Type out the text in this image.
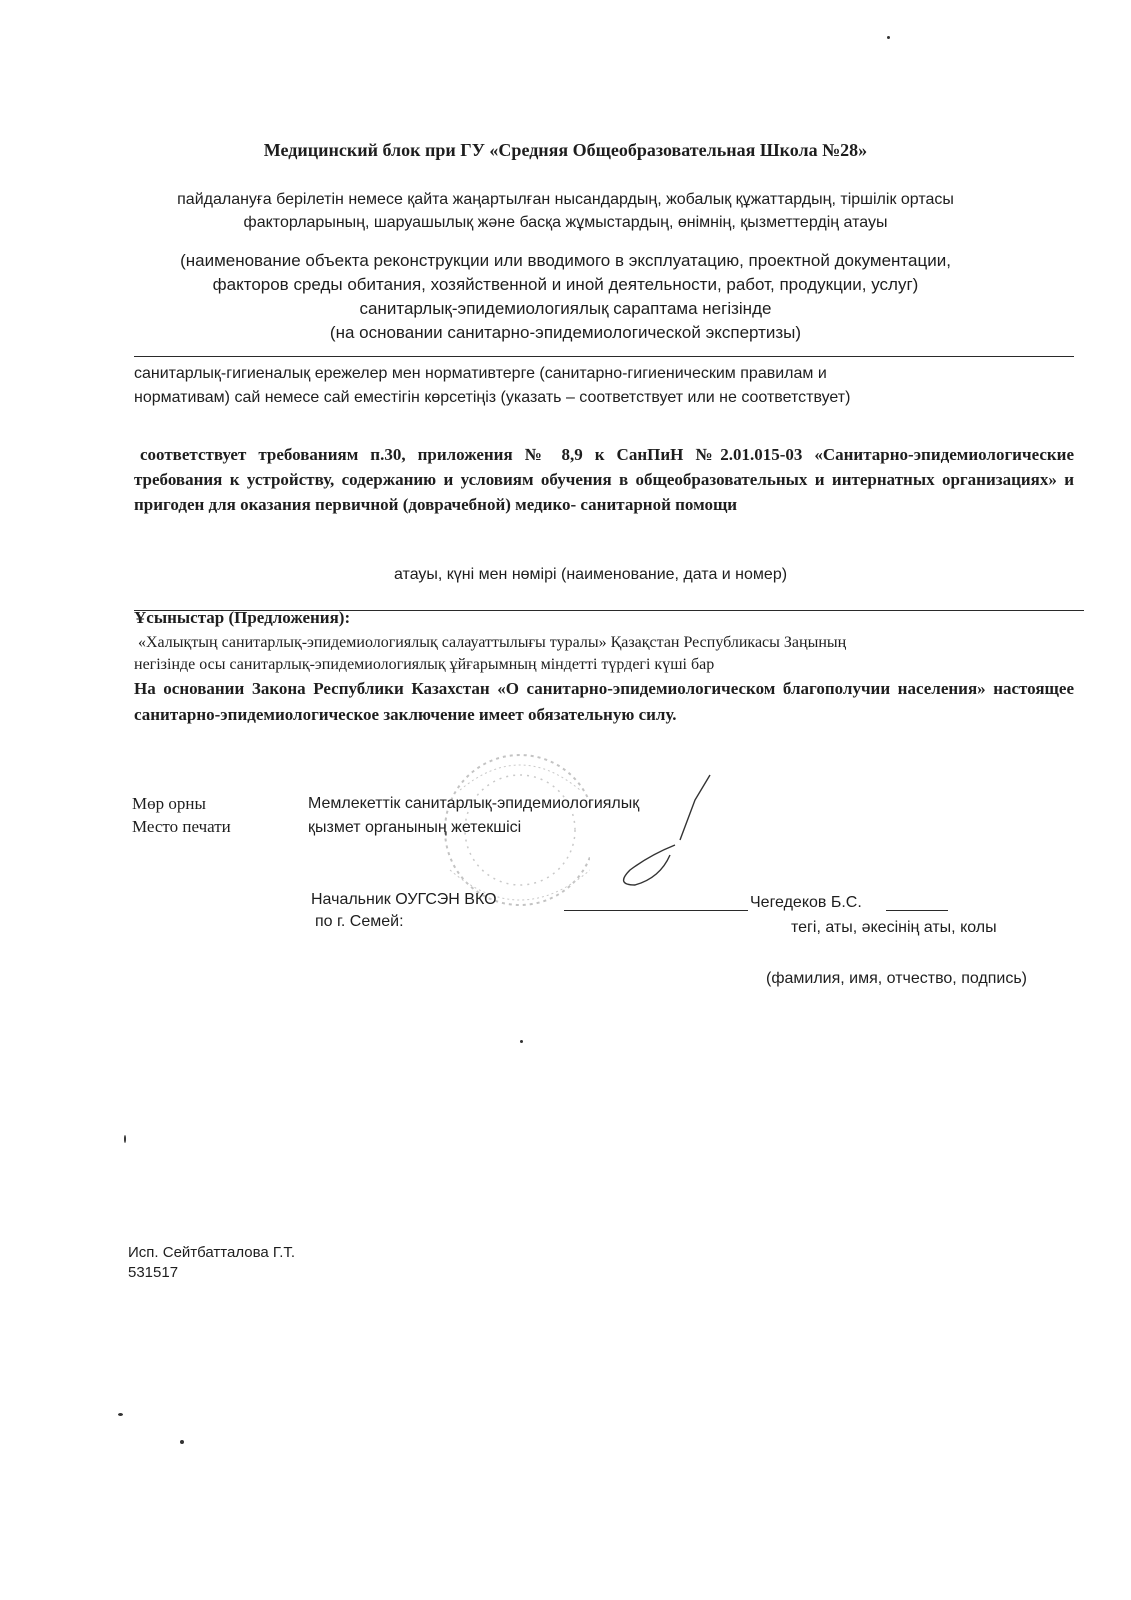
Медицинский блок при ГУ «Средняя Общеобразовательная Школа №28»
пайдалануға берілетін немесе қайта жаңартылған нысандардың, жобалық құжаттардың, тіршілік ортасы
факторларының, шаруашылық және басқа жұмыстардың, өнімнің, қызметтердің атауы
(наименование объекта реконструкции или вводимого в эксплуатацию, проектной документации,
факторов среды обитания, хозяйственной и иной деятельности, работ, продукции, услуг)
санитарлық-эпидемиологиялық сараптама негізінде
(на основании санитарно-эпидемиологической экспертизы)
санитарлық-гигиеналық ережелер мен нормативтерге (санитарно-гигиеническим правилам и
нормативам) сай немесе сай еместігін көрсетіңіз (указать – соответствует или не соответствует)
соответствует требованиям п.30, приложения № 8,9 к СанПиН №2.01.015-03 «Санитарно-эпидемиологические требования к устройству, содержанию и условиям обучения в общеобразовательных и интернатных организациях» и пригоден для оказания первичной (доврачебной) медико- санитарной помощи
атауы, күні мен нөмірі (наименование, дата и номер)
Ұсыныстар (Предложения):
«Халықтың санитарлық-эпидемиологиялық салауаттылығы туралы» Қазақстан Республикасы Заңының
негізінде осы санитарлық-эпидемиологиялық ұйғарымның міндетті түрдегі күші бар
На основании Закона Республики Казахстан «О санитарно-эпидемиологическом благополучии населения» настоящее санитарно-эпидемиологическое заключение имеет обязательную силу.
Мөр орны
Место печати
Мемлекеттік санитарлық-эпидемиологиялық
қызмет органының жетекшісі
Начальник ОУГСЭН ВКО
по г. Семей:
Чегедеков Б.С.
тегі, аты, әкесінің аты, колы
(фамилия, имя, отчество, подпись)
Исп. Сейтбатталова Г.Т.
531517
